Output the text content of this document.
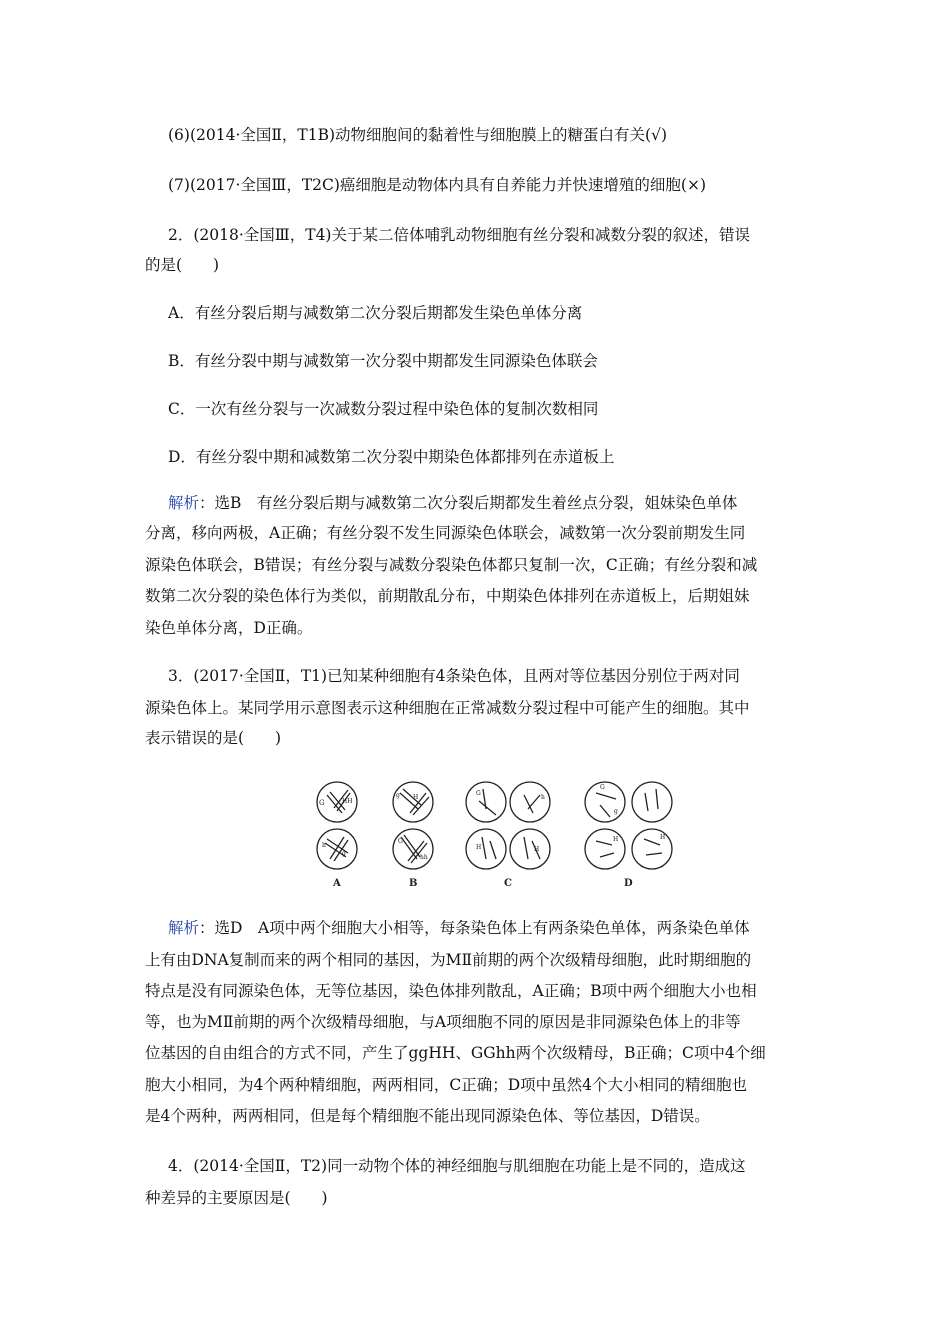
(6)(2014·全国Ⅱ，T1B)动物细胞间的黏着性与细胞膜上的糖蛋白有关(√)
(7)(2017·全国Ⅲ，T2C)癌细胞是动物体内具有自养能力并快速增殖的细胞(×)
2．(2018·全国Ⅲ，T4)关于某二倍体哺乳动物细胞有丝分裂和减数分裂的叙述，错误
的是(　　)
A．有丝分裂后期与减数第二次分裂后期都发生染色单体分离
B．有丝分裂中期与减数第一次分裂中期都发生同源染色体联会
C．一次有丝分裂与一次减数分裂过程中染色体的复制次数相同
D．有丝分裂中期和减数第二次分裂中期染色体都排列在赤道板上
解析：选B　有丝分裂后期与减数第二次分裂后期都发生着丝点分裂，姐妹染色单体
分离，移向两极，A正确；有丝分裂不发生同源染色体联会，减数第一次分裂前期发生同
源染色体联会，B错误；有丝分裂与减数分裂染色体都只复制一次，C正确；有丝分裂和减
数第二次分裂的染色体行为类似，前期散乱分布，中期染色体排列在赤道板上，后期姐妹
染色单体分离，D正确。
3．(2017·全国Ⅱ，T1)已知某种细胞有4条染色体，且两对等位基因分别位于两对同
源染色体上。某同学用示意图表示这种细胞在正常减数分裂过程中可能产生的细胞。其中
表示错误的是(　　)
G	HH
h
g
g H
G
hh
G
h
H	H
G
g
H	H
A	B	C	D
解析：选D　A项中两个细胞大小相等，每条染色体上有两条染色单体，两条染色单体
上有由DNA复制而来的两个相同的基因，为MⅡ前期的两个次级精母细胞，此时期细胞的
特点是没有同源染色体，无等位基因，染色体排列散乱，A正确；B项中两个细胞大小也相
等，也为MⅡ前期的两个次级精母细胞，与A项细胞不同的原因是非同源染色体上的非等
位基因的自由组合的方式不同，产生了ggHH、GGhh两个次级精母，B正确；C项中4个细
胞大小相同，为4个两种精细胞，两两相同，C正确；D项中虽然4个大小相同的精细胞也
是4个两种，两两相同，但是每个精细胞不能出现同源染色体、等位基因，D错误。
4．(2014·全国Ⅱ，T2)同一动物个体的神经细胞与肌细胞在功能上是不同的，造成这
种差异的主要原因是(　　)
